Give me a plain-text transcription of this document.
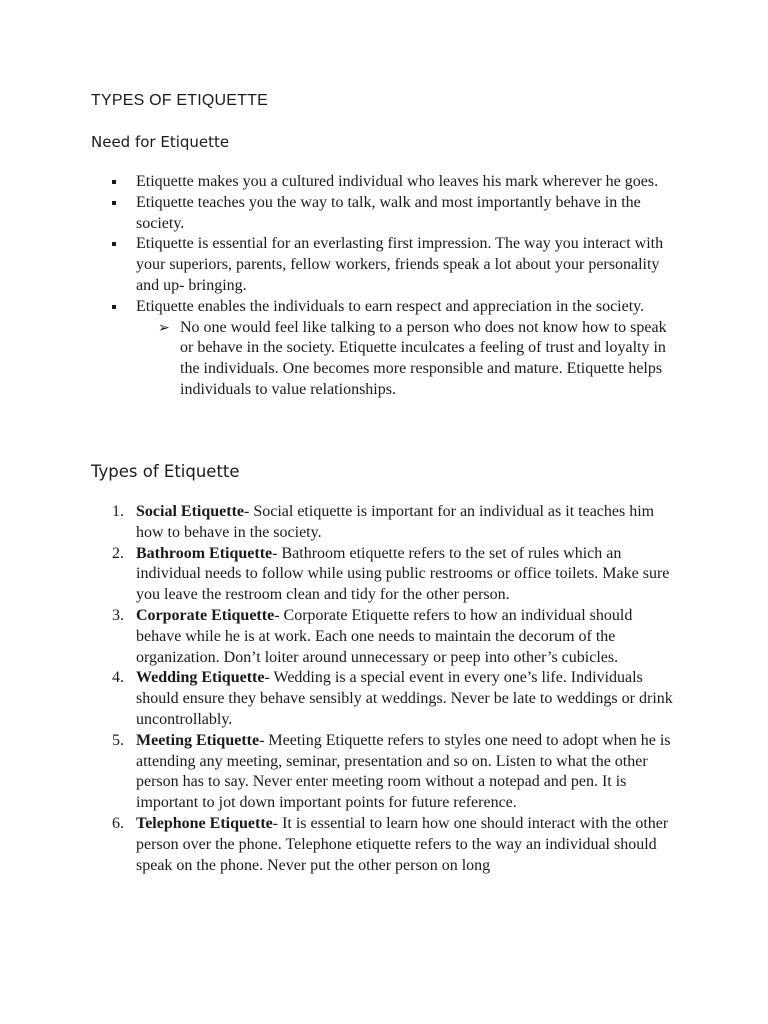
TYPES OF ETIQUETTE
Need for Etiquette
Etiquette makes you a cultured individual who leaves his mark wherever he goes.
Etiquette teaches you the way to talk, walk and most importantly behave in the society.
Etiquette is essential for an everlasting first impression. The way you interact with your superiors, parents, fellow workers, friends speak a lot about your personality and up- bringing.
Etiquette enables the individuals to earn respect and appreciation in the society.
➢ No one would feel like talking to a person who does not know how to speak or behave in the society. Etiquette inculcates a feeling of trust and loyalty in the individuals. One becomes more responsible and mature. Etiquette helps individuals to value relationships.
Types of Etiquette
1. Social Etiquette- Social etiquette is important for an individual as it teaches him how to behave in the society.
2. Bathroom Etiquette- Bathroom etiquette refers to the set of rules which an individual needs to follow while using public restrooms or office toilets. Make sure you leave the restroom clean and tidy for the other person.
3. Corporate Etiquette- Corporate Etiquette refers to how an individual should behave while he is at work. Each one needs to maintain the decorum of the organization. Don’t loiter around unnecessary or peep into other’s cubicles.
4. Wedding Etiquette- Wedding is a special event in every one’s life. Individuals should ensure they behave sensibly at weddings. Never be late to weddings or drink uncontrollably.
5. Meeting Etiquette- Meeting Etiquette refers to styles one need to adopt when he is attending any meeting, seminar, presentation and so on. Listen to what the other person has to say. Never enter meeting room without a notepad and pen. It is important to jot down important points for future reference.
6. Telephone Etiquette- It is essential to learn how one should interact with the other person over the phone. Telephone etiquette refers to the way an individual should speak on the phone. Never put the other person on long
